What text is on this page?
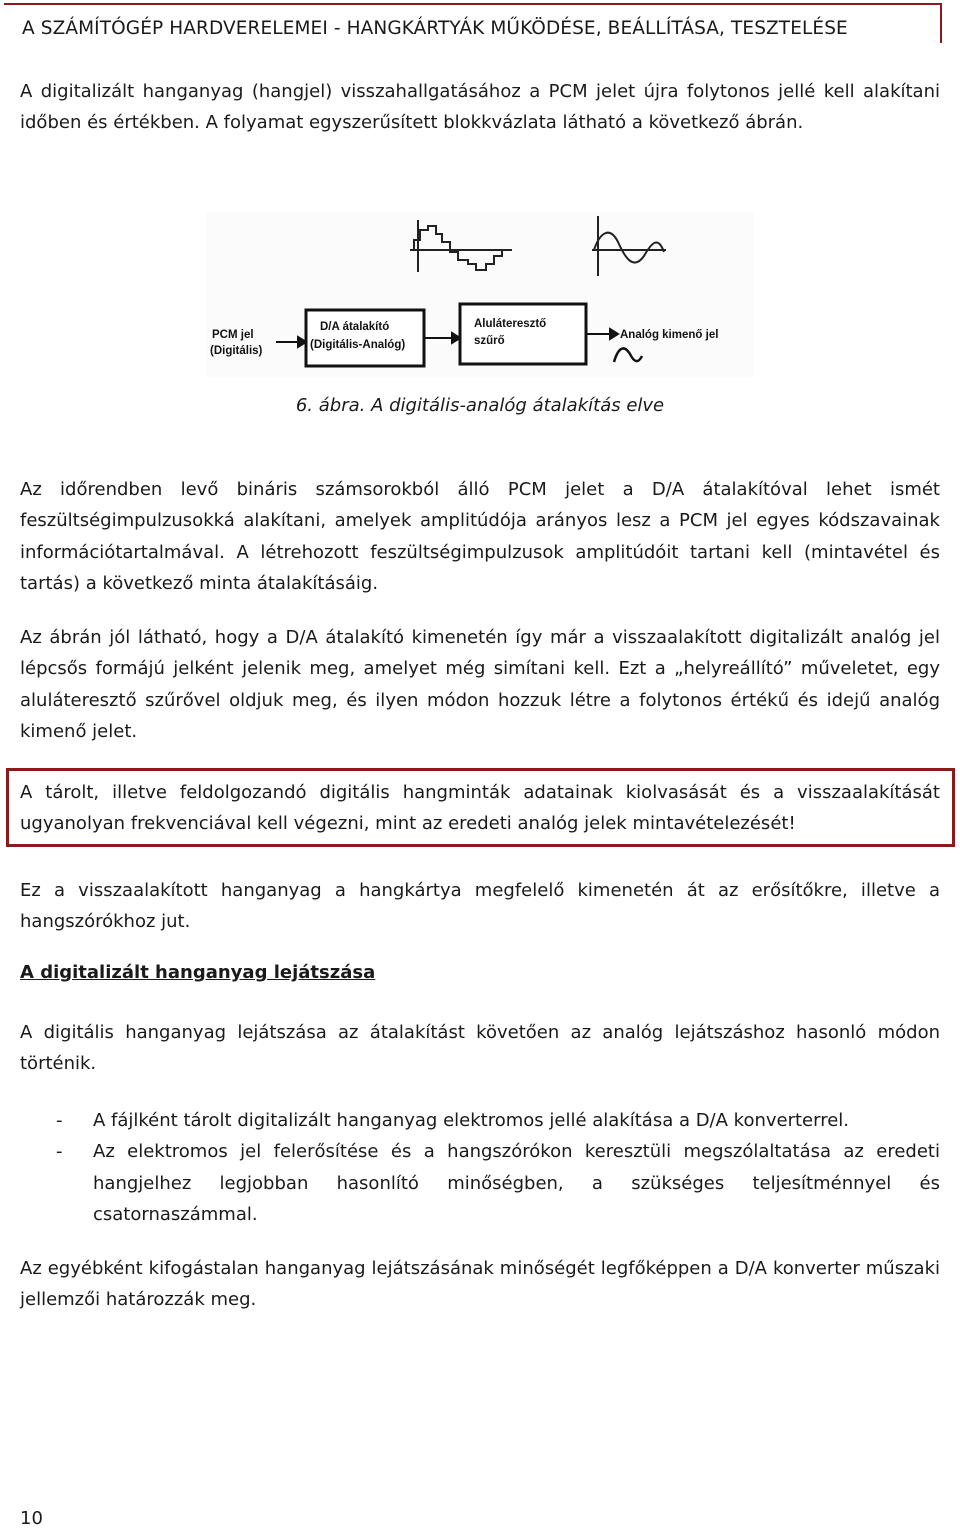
A SZÁMÍTÓGÉP HARDVERELEMEI - HANGKÁRTYÁK MŰKÖDÉSE, BEÁLLÍTÁSA, TESZTELÉSE

A digitalizált hanganyag (hangjel) visszahallgatásához a PCM jelet újra folytonos jellé kell alakítani időben és értékben. A folyamat egyszerűsített blokkvázlata látható a következő ábrán.

PCM jel
(Digitális)
D/A átalakító
(Digitális-Analóg)
Aluláteresztő
szűrő	Analóg kimenő jel
6. ábra. A digitális-analóg átalakítás elve

Az időrendben levő bináris számsorokból álló PCM jelet a D/A átalakítóval lehet ismét feszültségimpulzusokká alakítani, amelyek amplitúdója arányos lesz a PCM jel egyes kódszavainak információtartalmával. A létrehozott feszültségimpulzusok amplitúdóit tartani kell (mintavétel és tartás) a következő minta átalakításáig.

Az ábrán jól látható, hogy a D/A átalakító kimenetén így már a visszaalakított digitalizált analóg jel lépcsős formájú jelként jelenik meg, amelyet még simítani kell. Ezt a „helyreállító” műveletet, egy aluláteresztő szűrővel oldjuk meg, és ilyen módon hozzuk létre a folytonos értékű és idejű analóg kimenő jelet.

A tárolt, illetve feldolgozandó digitális hangminták adatainak kiolvasását és a visszaalakítását ugyanolyan frekvenciával kell végezni, mint az eredeti analóg jelek mintavételezését!

Ez a visszaalakított hanganyag a hangkártya megfelelő kimenetén át az erősítőkre, illetve a hangszórókhoz jut.

A digitalizált hanganyag lejátszása

A digitális hanganyag lejátszása az átalakítást követően az analóg lejátszáshoz hasonló módon történik.

- A fájlként tárolt digitalizált hanganyag elektromos jellé alakítása a D/A konverterrel.
- Az elektromos jel felerősítése és a hangszórókon keresztüli megszólaltatása az eredeti hangjelhez legjobban hasonlító minőségben, a szükséges teljesítménnyel és csatornaszámmal.

Az egyébként kifogástalan hanganyag lejátszásának minőségét legfőképpen a D/A konverter műszaki jellemzői határozzák meg.

10
